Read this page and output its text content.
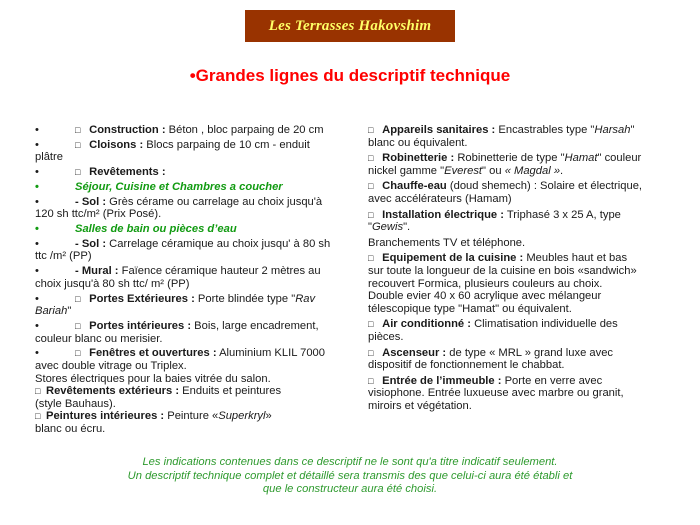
Les Terrasses Hakovshim
•Grandes lignes du descriptif technique
•	□ Construction : Béton , bloc parpaing de 20 cm
•	□ Cloisons : Blocs parpaing de 10 cm - enduit
plâtre
•	□ Revêtements :
•	Séjour, Cuisine et Chambres a coucher
•	- Sol : Grès cérame ou carrelage au choix jusqu'à
120 sh ttc/m² (Prix Posé).
•	Salles de bain ou pièces d’eau
•	- Sol : Carrelage céramique au choix jusqu' à 80 sh
ttc /m² (PP)
•	- Mural : Faïence céramique hauteur 2 mètres au
choix jusqu'à 80 sh ttc/ m² (PP)
•	□ Portes Extérieures : Porte blindée type "Rav
Bariah"
•	□ Portes intérieures : Bois, large encadrement,
couleur blanc ou merisier.
•	□ Fenêtres et ouvertures : Aluminium KLIL 7000
avec double vitrage ou Triplex.
Stores électriques pour la baies vitrée du salon.
□ Revêtements extérieurs : Enduits et peintures
(style Bauhaus).
□ Peintures intérieures : Peinture «Superkryl»
blanc ou écru.
□ Appareils sanitaires : Encastrables type "Harsah"
blanc ou équivalent.
□ Robinetterie : Robinetterie de type "Hamat" couleur
nickel gamme "Everest" ou « Magdal ».
□ Chauffe-eau (doud shemech) : Solaire et électrique,
avec accélérateurs (Hamam)
□ Installation électrique : Triphasé 3 x 25 A, type
"Gewis".
Branchements TV et téléphone.
□ Equipement de la cuisine : Meubles haut et bas
sur toute la longueur de la cuisine en bois «sandwich»
recouvert Formica, plusieurs couleurs au choix.
Double evier 40 x 60 acrylique avec mélangeur
télescopique type "Hamat" ou équivalent.
□ Air conditionné : Climatisation individuelle des
pièces.
□ Ascenseur : de type « MRL » grand luxe avec
dispositif de fonctionnement le chabbat.
□ Entrée de l’immeuble : Porte en verre avec
visiophone. Entrée luxueuse avec marbre ou granit,
miroirs et végétation.
Les indications contenues dans ce descriptif ne le sont qu'a titre indicatif seulement.
Un descriptif technique complet et détaillé sera transmis des que celui-ci aura été établi et
que le constructeur aura été choisi.
